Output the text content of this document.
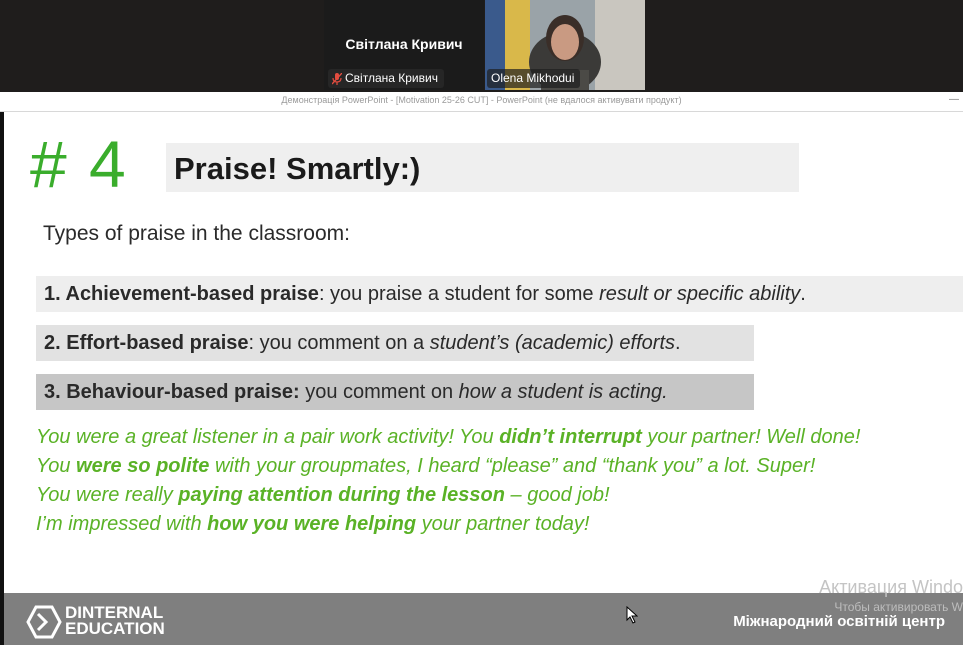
Світлана Кривич
Світлана Кривич	Olena Mikhodui
Демонстрація PowerPoint - [Motivation 25-26 CUT] - PowerPoint (не вдалося активувати продукт)	—
# 4 Praise! Smartly:)
Types of praise in the classroom:
1. Achievement-based praise: you praise a student for some result or specific ability.
2. Effort-based praise: you comment on a student’s (academic) efforts.
3. Behaviour-based praise: you comment on how a student is acting.
You were a great listener in a pair work activity! You didn’t interrupt your partner! Well done!
You were so polite with your groupmates, I heard “please” and “thank you” a lot. Super!
You were really paying attention during the lesson – good job!
I’m impressed with how you were helping your partner today!
DINTERNAL
EDUCATION	Міжнародний освітній центр
Активация Windo
Чтобы активировать W
